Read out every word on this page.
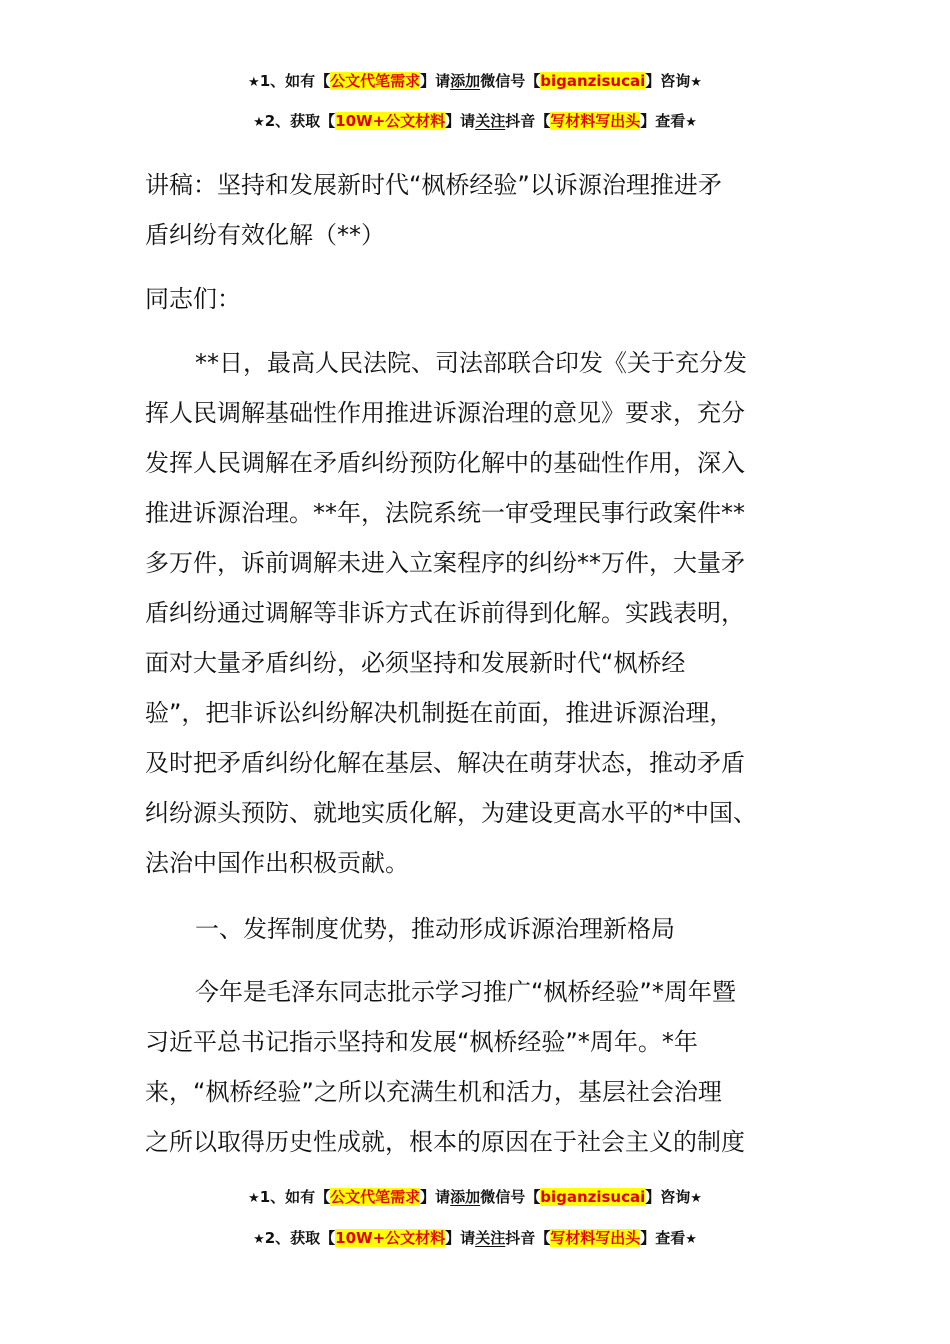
★1、如有【公文代笔需求】请添加微信号【biganzisucai】咨询★
★2、获取【10W+公文材料】请关注抖音【写材料写出头】查看★
讲稿：坚持和发展新时代“枫桥经验”以诉源治理推进矛
盾纠纷有效化解（**）
同志们：
**日，最高人民法院、司法部联合印发《关于充分发
挥人民调解基础性作用推进诉源治理的意见》要求，充分
发挥人民调解在矛盾纠纷预防化解中的基础性作用，深入
推进诉源治理。**年，法院系统一审受理民事行政案件**
多万件，诉前调解未进入立案程序的纠纷**万件，大量矛
盾纠纷通过调解等非诉方式在诉前得到化解。实践表明，
面对大量矛盾纠纷，必须坚持和发展新时代“枫桥经
验”，把非诉讼纠纷解决机制挺在前面，推进诉源治理，
及时把矛盾纠纷化解在基层、解决在萌芽状态，推动矛盾
纠纷源头预防、就地实质化解，为建设更高水平的*中国、
法治中国作出积极贡献。
一、发挥制度优势，推动形成诉源治理新格局
今年是毛泽东同志批示学习推广“枫桥经验”*周年暨
习近平总书记指示坚持和发展“枫桥经验”*周年。*年
来，“枫桥经验”之所以充满生机和活力，基层社会治理
之所以取得历史性成就，根本的原因在于社会主义的制度
★1、如有【公文代笔需求】请添加微信号【biganzisucai】咨询★
★2、获取【10W+公文材料】请关注抖音【写材料写出头】查看★
